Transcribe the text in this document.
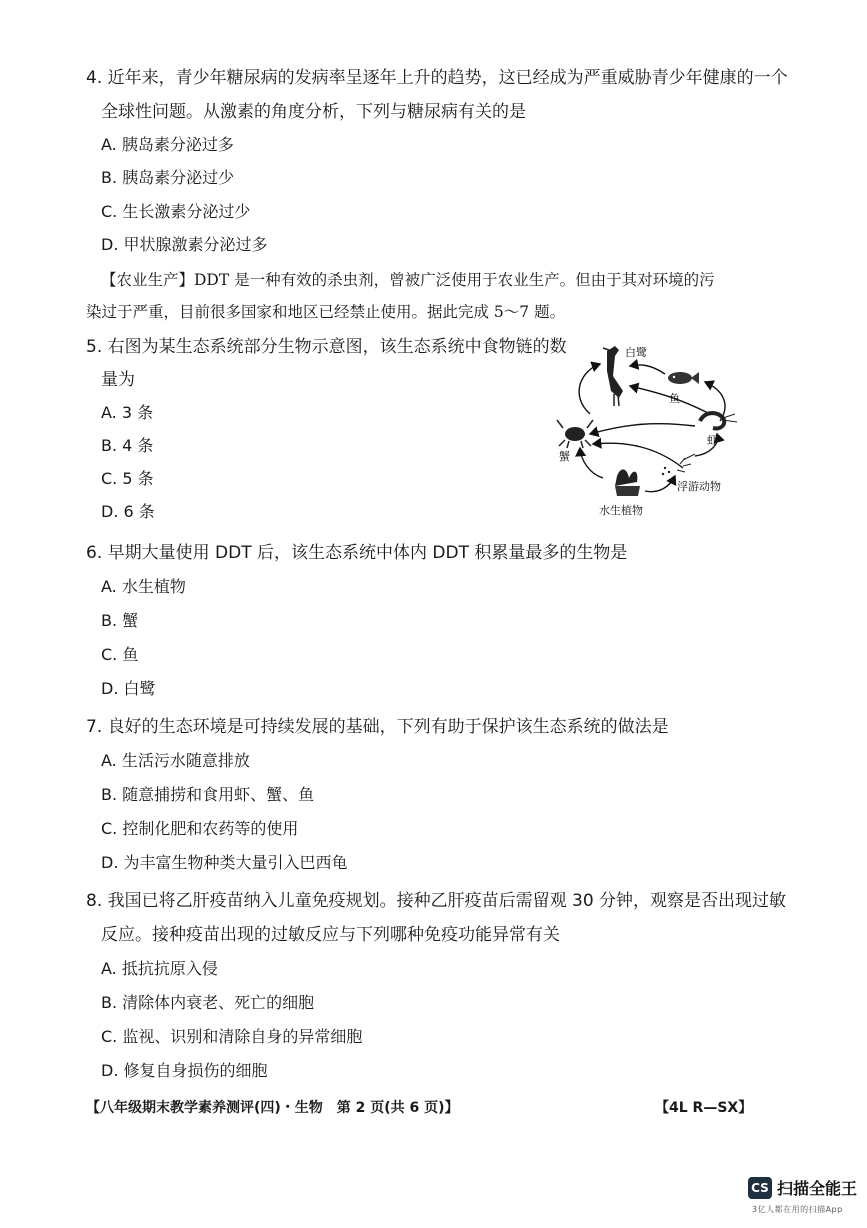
4. 近年来，青少年糖尿病的发病率呈逐年上升的趋势，这已经成为严重威胁青少年健康的一个
全球性问题。从激素的角度分析，下列与糖尿病有关的是
A. 胰岛素分泌过多
B. 胰岛素分泌过少
C. 生长激素分泌过少
D. 甲状腺激素分泌过多
【农业生产】DDT 是一种有效的杀虫剂，曾被广泛使用于农业生产。但由于其对环境的污
染过于严重，目前很多国家和地区已经禁止使用。据此完成 5～7 题。
5. 右图为某生态系统部分生物示意图，该生态系统中食物链的数
量为
A. 3 条
B. 4 条
C. 5 条
D. 6 条
白鹭
鱼
虾
蟹
浮游动物
水生植物
6. 早期大量使用 DDT 后，该生态系统中体内 DDT 积累量最多的生物是
A. 水生植物
B. 蟹
C. 鱼
D. 白鹭
7. 良好的生态环境是可持续发展的基础，下列有助于保护该生态系统的做法是
A. 生活污水随意排放
B. 随意捕捞和食用虾、蟹、鱼
C. 控制化肥和农药等的使用
D. 为丰富生物种类大量引入巴西龟
8. 我国已将乙肝疫苗纳入儿童免疫规划。接种乙肝疫苗后需留观 30 分钟，观察是否出现过敏
反应。接种疫苗出现的过敏反应与下列哪种免疫功能异常有关
A. 抵抗抗原入侵
B. 清除体内衰老、死亡的细胞
C. 监视、识别和清除自身的异常细胞
D. 修复自身损伤的细胞
【八年级期末教学素养测评(四)・生物　第 2 页(共 6 页)】	【4L R—SX】
CS 扫描全能王
3亿人都在用的扫描App
